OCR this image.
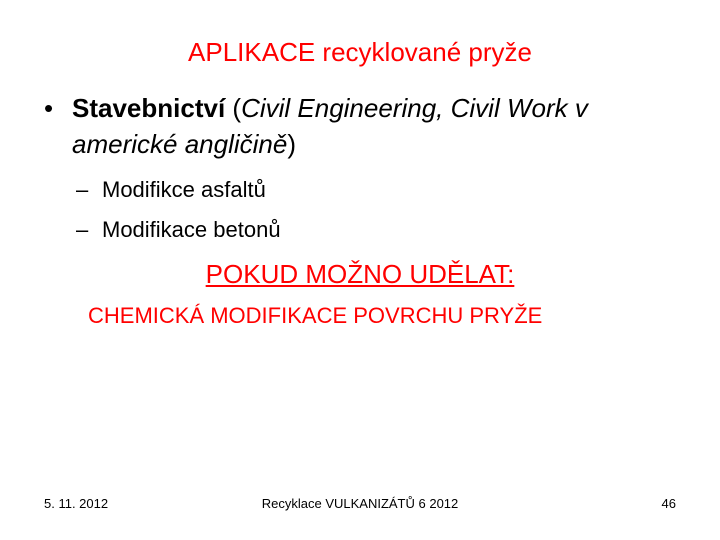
APLIKACE recyklované pryže
• Stavebnictví (Civil Engineering, Civil Work v americké angličině)
– Modifikce asfaltů
– Modifikace betonů
POKUD MOŽNO UDĚLAT:
CHEMICKÁ MODIFIKACE POVRCHU PRYŽE
5. 11. 2012	Recyklace VULKANIZÁTŮ 6 2012	46
